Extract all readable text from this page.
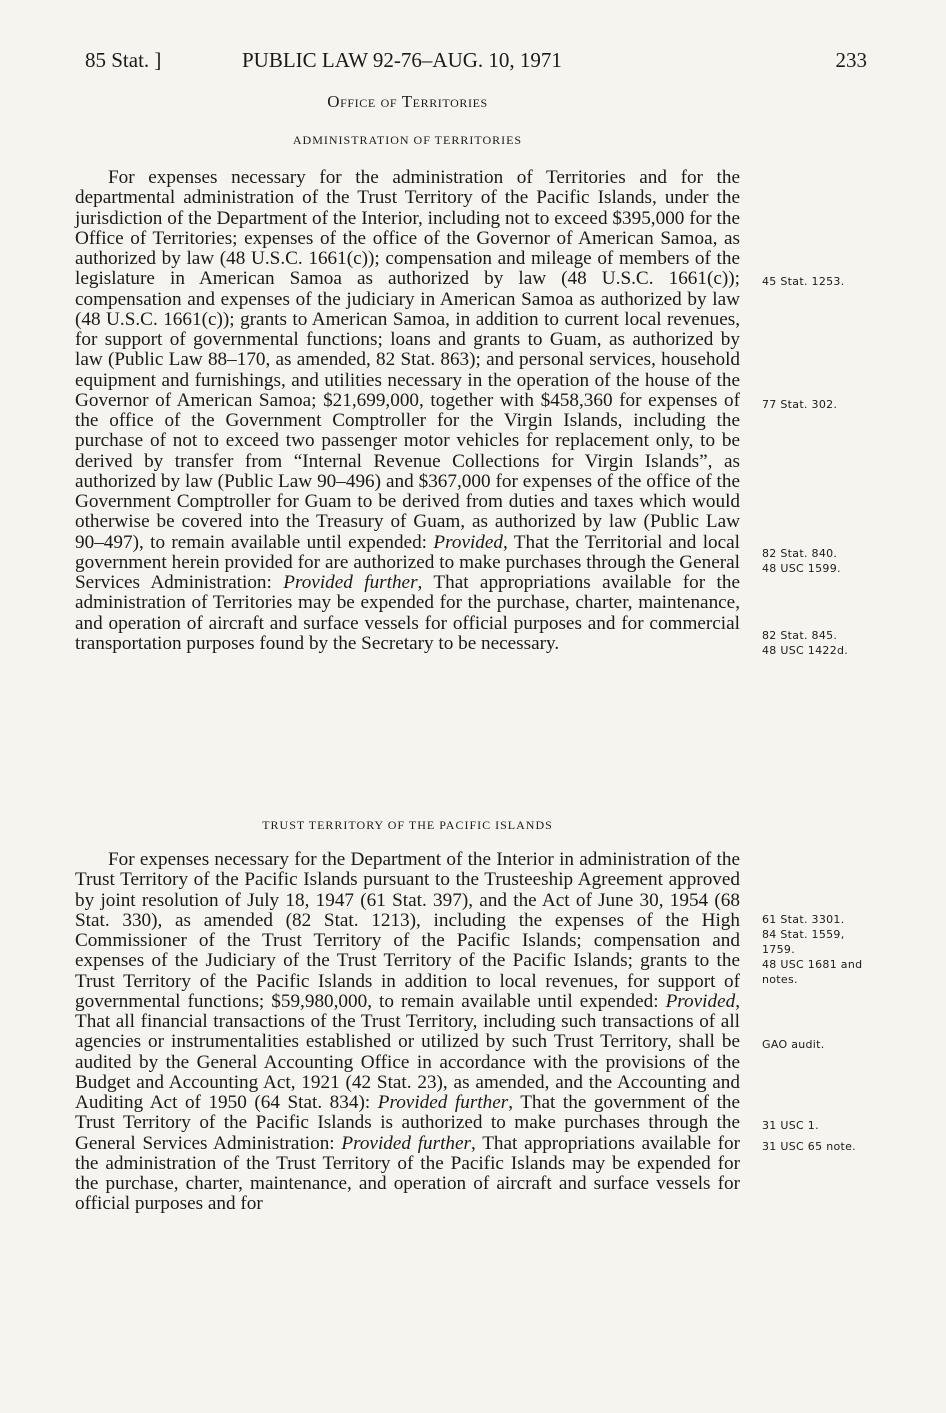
85 Stat. ]	PUBLIC LAW 92-76–AUG. 10, 1971	233
Office of Territories
ADMINISTRATION OF TERRITORIES

For expenses necessary for the administration of Territories and for the departmental administration of the Trust Territory of the Pacific Islands, under the jurisdiction of the Department of the Interior, including not to exceed $395,000 for the Office of Territories; expenses of the office of the Governor of American Samoa, as authorized by law (48 U.S.C. 1661(c)); compensation and mileage of members of the legislature in American Samoa as authorized by law (48 U.S.C. 1661(c)); compensation and expenses of the judiciary in American Samoa as authorized by law (48 U.S.C. 1661(c)); grants to American Samoa, in addition to current local revenues, for support of governmental functions; loans and grants to Guam, as authorized by law (Public Law 88–170, as amended, 82 Stat. 863); and personal services, household equipment and furnishings, and utilities necessary in the operation of the house of the Governor of American Samoa; $21,699,000, together with $458,360 for expenses of the office of the Government Comptroller for the Virgin Islands, including the purchase of not to exceed two passenger motor vehicles for replacement only, to be derived by transfer from “Internal Revenue Collections for Virgin Islands”, as authorized by law (Public Law 90–496) and $367,000 for expenses of the office of the Government Comptroller for Guam to be derived from duties and taxes which would otherwise be covered into the Treasury of Guam, as authorized by law (Public Law 90–497), to remain available until expended: Provided, That the Territorial and local government herein provided for are authorized to make purchases through the General Services Administration: Provided further, That appropriations available for the administration of Territories may be expended for the purchase, charter, maintenance, and operation of aircraft and surface vessels for official purposes and for commercial transportation purposes found by the Secretary to be necessary.

TRUST TERRITORY OF THE PACIFIC ISLANDS

For expenses necessary for the Department of the Interior in administration of the Trust Territory of the Pacific Islands pursuant to the Trusteeship Agreement approved by joint resolution of July 18, 1947 (61 Stat. 397), and the Act of June 30, 1954 (68 Stat. 330), as amended (82 Stat. 1213), including the expenses of the High Commissioner of the Trust Territory of the Pacific Islands; compensation and expenses of the Judiciary of the Trust Territory of the Pacific Islands; grants to the Trust Territory of the Pacific Islands in addition to local revenues, for support of governmental functions; $59,980,000, to remain available until expended: Provided, That all financial transactions of the Trust Territory, including such transactions of all agencies or instrumentalities established or utilized by such Trust Territory, shall be audited by the General Accounting Office in accordance with the provisions of the Budget and Accounting Act, 1921 (42 Stat. 23), as amended, and the Accounting and Auditing Act of 1950 (64 Stat. 834): Provided further, That the government of the Trust Territory of the Pacific Islands is authorized to make purchases through the General Services Administration: Provided further, That appropriations available for the administration of the Trust Territory of the Pacific Islands may be expended for the purchase, charter, maintenance, and operation of aircraft and surface vessels for official purposes and for

45 Stat. 1253.
77 Stat. 302.
82 Stat. 840.
48 USC 1599.
82 Stat. 845.
48 USC 1422d.
61 Stat. 3301.
84 Stat. 1559,
1759.
48 USC 1681 and
notes.
GAO audit.
31 USC 1.
31 USC 65 note.
